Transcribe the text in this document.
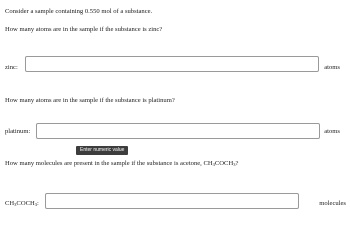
Consider a sample containing 0.550 mol of a substance.
How many atoms are in the sample if the substance is zinc?
zinc:	atoms
How many atoms are in the sample if the substance is platinum?
platinum:	atoms
Enter numeric value
How many molecules are present in the sample if the substance is acetone, $CH_3COCH_3$?
$CH_3COCH_3$:	molecules
